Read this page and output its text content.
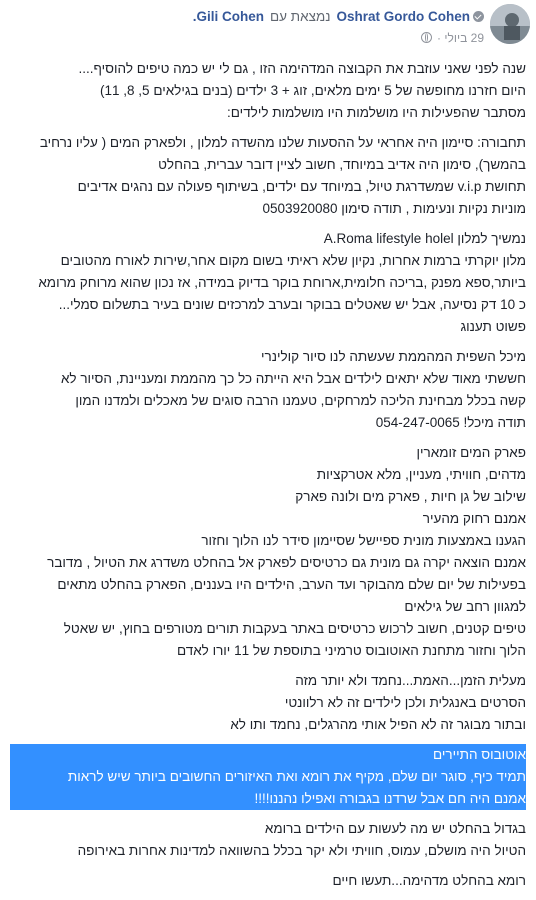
Oshrat Gordo Cohenנמצאת עםGili Cohen.
29 ביולי ·
שנה לפני שאני עוזבת את הקבוצה המדהימה הזו , גם לי יש כמה טיפים להוסיף....
היום חזרנו מחופשה של 5 ימים מלאים, זוג + 3 ילדים (בנים בגילאים 5, 8, 11)
מסתבר שהפעילות היו מושלמות היו מושלמות לילדים:
תחבורה: סיימון היה אחראי על ההסעות שלנו מהשדה למלון , ולפארק המים ( עליו נרחיב
בהמשך), סימון היה אדיב במיוחד, חשוב לציין דובר עברית, בהחלט
תחושת v.i.p שמשדרגת טיול, במיוחד עם ילדים, בשיתוף פעולה עם נהגים אדיבים
מוניות נקיות ונעימות , תודה סימון 0503920080
נמשיך למלון A.Roma lifestyle holel
מלון יוקרתי ברמות אחרות, נקיון שלא ראיתי בשום מקום אחר,שירות לאורח מהטובים
ביותר,ספא מפנק ,בריכה חלומית,ארוחת בוקר בדיוק במידה, אז נכון שהוא מרוחק מרומא
כ 10 דק נסיעה, אבל יש שאטלים בבוקר ובערב למרכזים שונים בעיר בתשלום סמלי...
פשוט תענוג
מיכל השפית המהממת שעשתה לנו סיור קולינרי
חששתי מאוד שלא יתאים לילדים אבל היא הייתה כל כך מהממת ומעניינת, הסיור לא
קשה בכלל מבחינת הליכה למרחקים, טעמנו הרבה סוגים של מאכלים ולמדנו המון
תודה מיכל! 054-247-0065
פארק המים זומארין
מדהים, חוויתי, מעניין, מלא אטרקציות
שילוב של גן חיות , פארק מים ולונה פארק
אמנם רחוק מהעיר
הגענו באמצעות מונית ספיישל שסיימון סידר לנו הלוך וחזור
אמנם הוצאה יקרה גם מונית גם כרטיסים לפארק אל בהחלט משדרג את הטיול , מדובר
בפעילות של יום שלם מהבוקר ועד הערב, הילדים היו בעננים, הפארק בהחלט מתאים
למגוון רחב של גילאים
טיפים קטנים, חשוב לרכוש כרטיסים באתר בעקבות תורים מטורפים בחוץ, יש שאטל
הלוך וחזור מתחנת האוטובוס טרמיני בתוספת של 11 יורו לאדם
מעלית הזמן...האמת...נחמד ולא יותר מזה
הסרטים באנגלית ולכן לילדים זה לא רלוונטי
ובתור מבוגר זה לא הפיל אותי מהרגלים, נחמד ותו לא
אוטובוס התיירים
תמיד כיף, סוגר יום שלם, מקיף את רומא ואת האיזורים החשובים ביותר שיש לראות
אמנם היה חם אבל שרדנו בגבורה ואפילו נהננו!!!!
בגדול בהחלט יש מה לעשות עם הילדים ברומא
הטיול היה מושלם, עמוס, חוויתי ולא יקר בכלל בהשוואה למדינות אחרות באירופה
רומא בהחלט מדהימה...תעשו חיים
